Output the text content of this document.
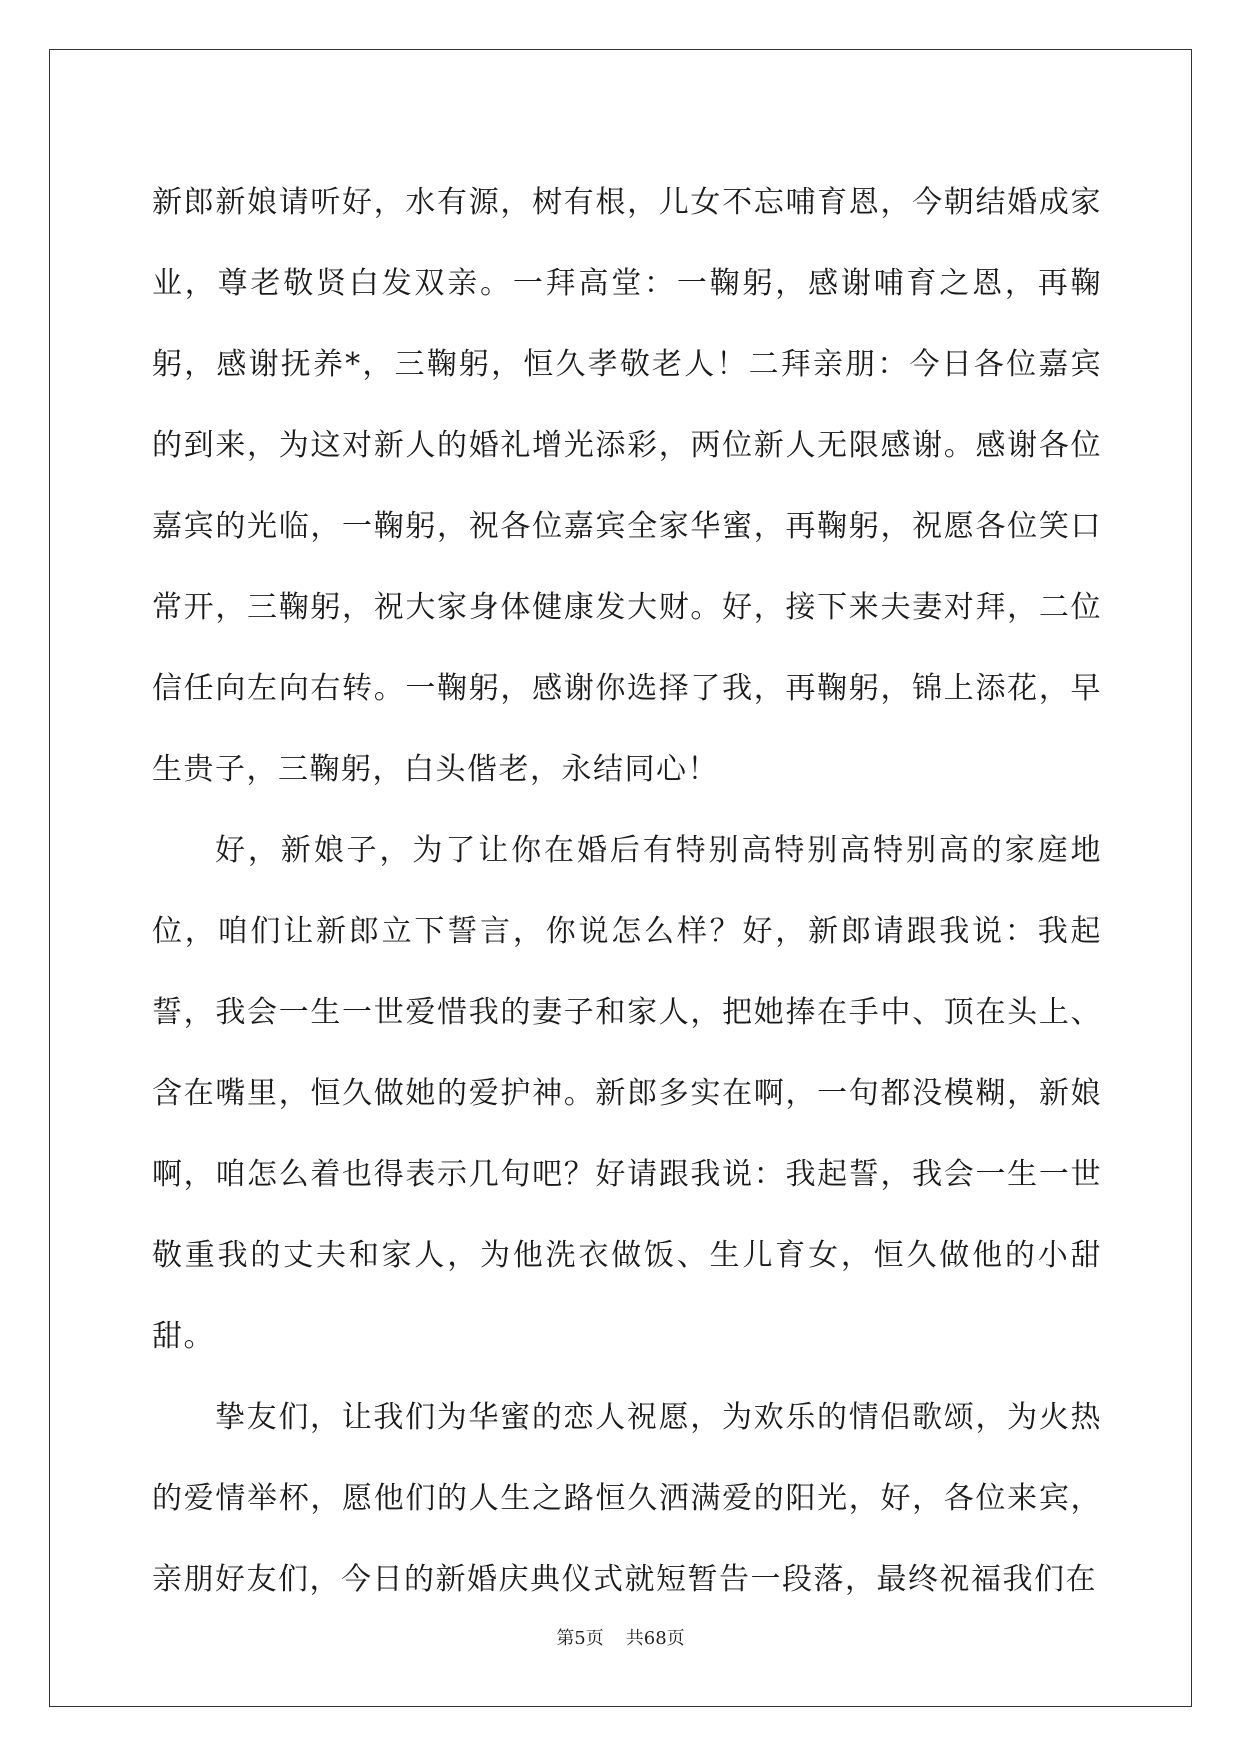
新郎新娘请听好，水有源，树有根，儿女不忘哺育恩，今朝结婚成家业，尊老敬贤白发双亲。一拜高堂：一鞠躬，感谢哺育之恩，再鞠躬，感谢抚养*，三鞠躬，恒久孝敬老人！二拜亲朋：今日各位嘉宾的到来，为这对新人的婚礼增光添彩，两位新人无限感谢。感谢各位嘉宾的光临，一鞠躬，祝各位嘉宾全家华蜜，再鞠躬，祝愿各位笑口常开，三鞠躬，祝大家身体健康发大财。好，接下来夫妻对拜，二位信任向左向右转。一鞠躬，感谢你选择了我，再鞠躬，锦上添花，早生贵子，三鞠躬，白头偕老，永结同心！

好，新娘子，为了让你在婚后有特别高特别高特别高的家庭地位，咱们让新郎立下誓言，你说怎么样？好，新郎请跟我说：我起誓，我会一生一世爱惜我的妻子和家人，把她捧在手中、顶在头上、含在嘴里，恒久做她的爱护神。新郎多实在啊，一句都没模糊，新娘啊，咱怎么着也得表示几句吧？好请跟我说：我起誓，我会一生一世敬重我的丈夫和家人，为他洗衣做饭、生儿育女，恒久做他的小甜甜。

挚友们，让我们为华蜜的恋人祝愿，为欢乐的情侣歌颂，为火热的爱情举杯，愿他们的人生之路恒久洒满爱的阳光，好，各位来宾，亲朋好友们，今日的新婚庆典仪式就短暂告一段落，最终祝福我们在

第5页 共68页
